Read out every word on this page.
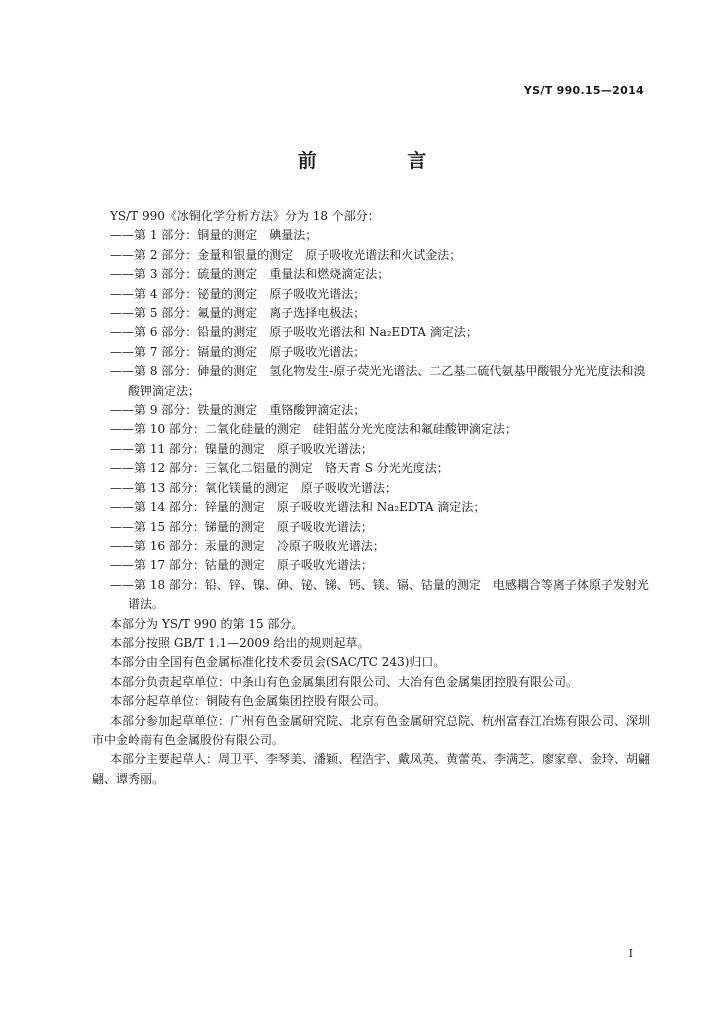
YS/T 990.15—2014
前 言

YS/T 990《冰铜化学分析方法》分为 18 个部分：

——第 1 部分：铜量的测定　碘量法；

——第 2 部分：金量和银量的测定　原子吸收光谱法和火试金法；

——第 3 部分：硫量的测定　重量法和燃烧滴定法；

——第 4 部分：铋量的测定　原子吸收光谱法；

——第 5 部分：氟量的测定　离子选择电极法；

——第 6 部分：铅量的测定　原子吸收光谱法和 Na₂EDTA 滴定法；

——第 7 部分：镉量的测定　原子吸收光谱法；

——第 8 部分：砷量的测定　氢化物发生-原子荧光光谱法、二乙基二硫代氨基甲酸银分光光度法和溴酸钾滴定法；

——第 9 部分：铁量的测定　重铬酸钾滴定法；

——第 10 部分：二氧化硅量的测定　硅钼蓝分光光度法和氟硅酸钾滴定法；

——第 11 部分：镍量的测定　原子吸收光谱法；

——第 12 部分：三氧化二铝量的测定　铬天青 S 分光光度法；

——第 13 部分：氧化镁量的测定　原子吸收光谱法；

——第 14 部分：锌量的测定　原子吸收光谱法和 Na₂EDTA 滴定法；

——第 15 部分：锑量的测定　原子吸收光谱法；

——第 16 部分：汞量的测定　冷原子吸收光谱法；

——第 17 部分：钴量的测定　原子吸收光谱法；

——第 18 部分：铅、锌、镍、砷、铋、锑、钙、镁、镉、钴量的测定　电感耦合等离子体原子发射光谱法。

本部分为 YS/T 990 的第 15 部分。

本部分按照 GB/T 1.1—2009 给出的规则起草。

本部分由全国有色金属标准化技术委员会(SAC/TC 243)归口。

本部分负责起草单位：中条山有色金属集团有限公司、大冶有色金属集团控股有限公司。

本部分起草单位：铜陵有色金属集团控股有限公司。

本部分参加起草单位：广州有色金属研究院、北京有色金属研究总院、杭州富春江冶炼有限公司、深圳市中金岭南有色金属股份有限公司。

本部分主要起草人：周卫平、李琴美、潘颖、程浩宇、戴凤英、黄蕾英、李满芝、廖家章、金玲、胡翩翩、谭秀丽。

I
